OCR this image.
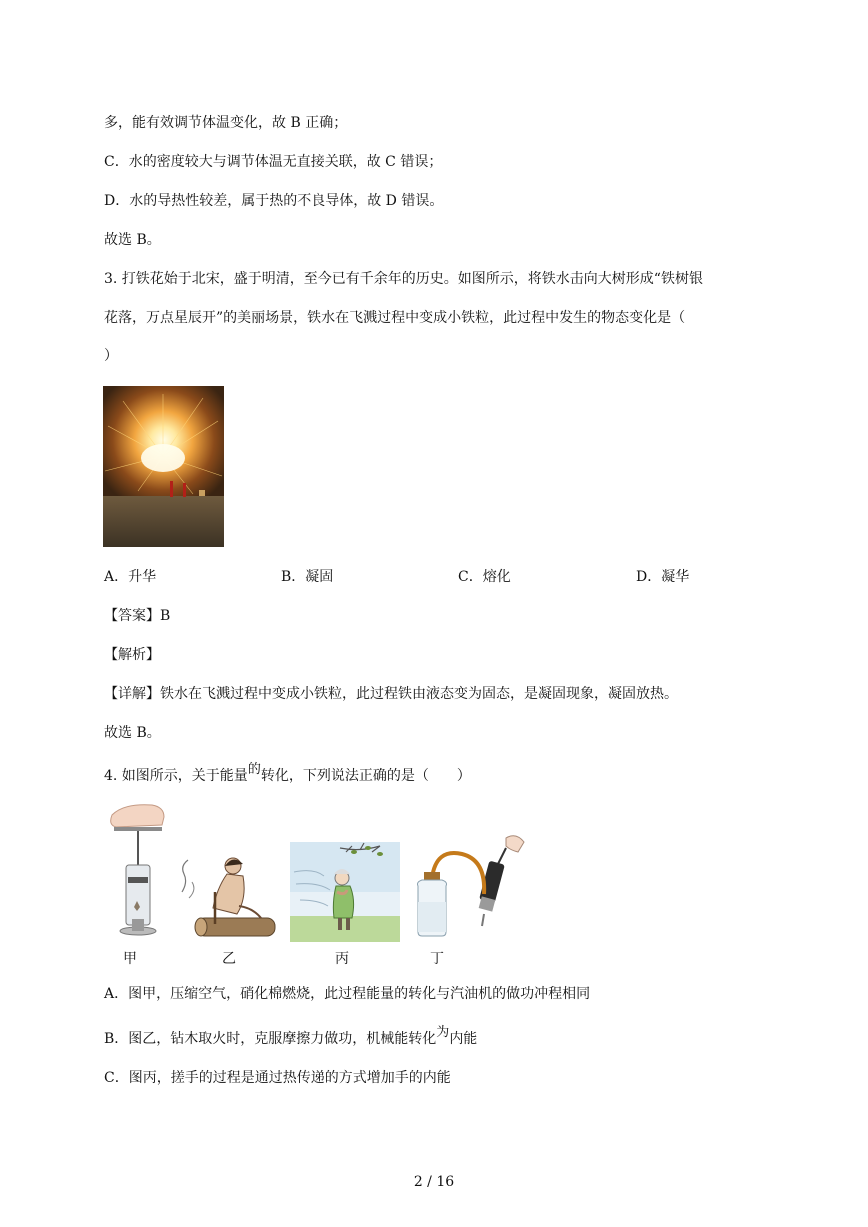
多，能有效调节体温变化，故 B 正确；
C．水的密度较大与调节体温无直接关联，故 C 错误；
D．水的导热性较差，属于热的不良导体，故 D 错误。
故选 B。
3. 打铁花始于北宋，盛于明清，至今已有千余年的历史。如图所示，将铁水击向大树形成“铁树银
花落，万点星辰开”的美丽场景，铁水在飞溅过程中变成小铁粒，此过程中发生的物态变化是（
）
A．升华	B．凝固	C．熔化	D．凝华
【答案】B
【解析】
【详解】铁水在飞溅过程中变成小铁粒，此过程铁由液态变为固态，是凝固现象，凝固放热。
故选 B。
4. 如图所示，关于能量的转化，下列说法正确的是（　　）
甲	乙	丙	丁
A．图甲，压缩空气，硝化棉燃烧，此过程能量的转化与汽油机的做功冲程相同
B．图乙，钻木取火时，克服摩擦力做功，机械能转化为内能
C．图丙，搓手的过程是通过热传递的方式增加手的内能
2 / 16
